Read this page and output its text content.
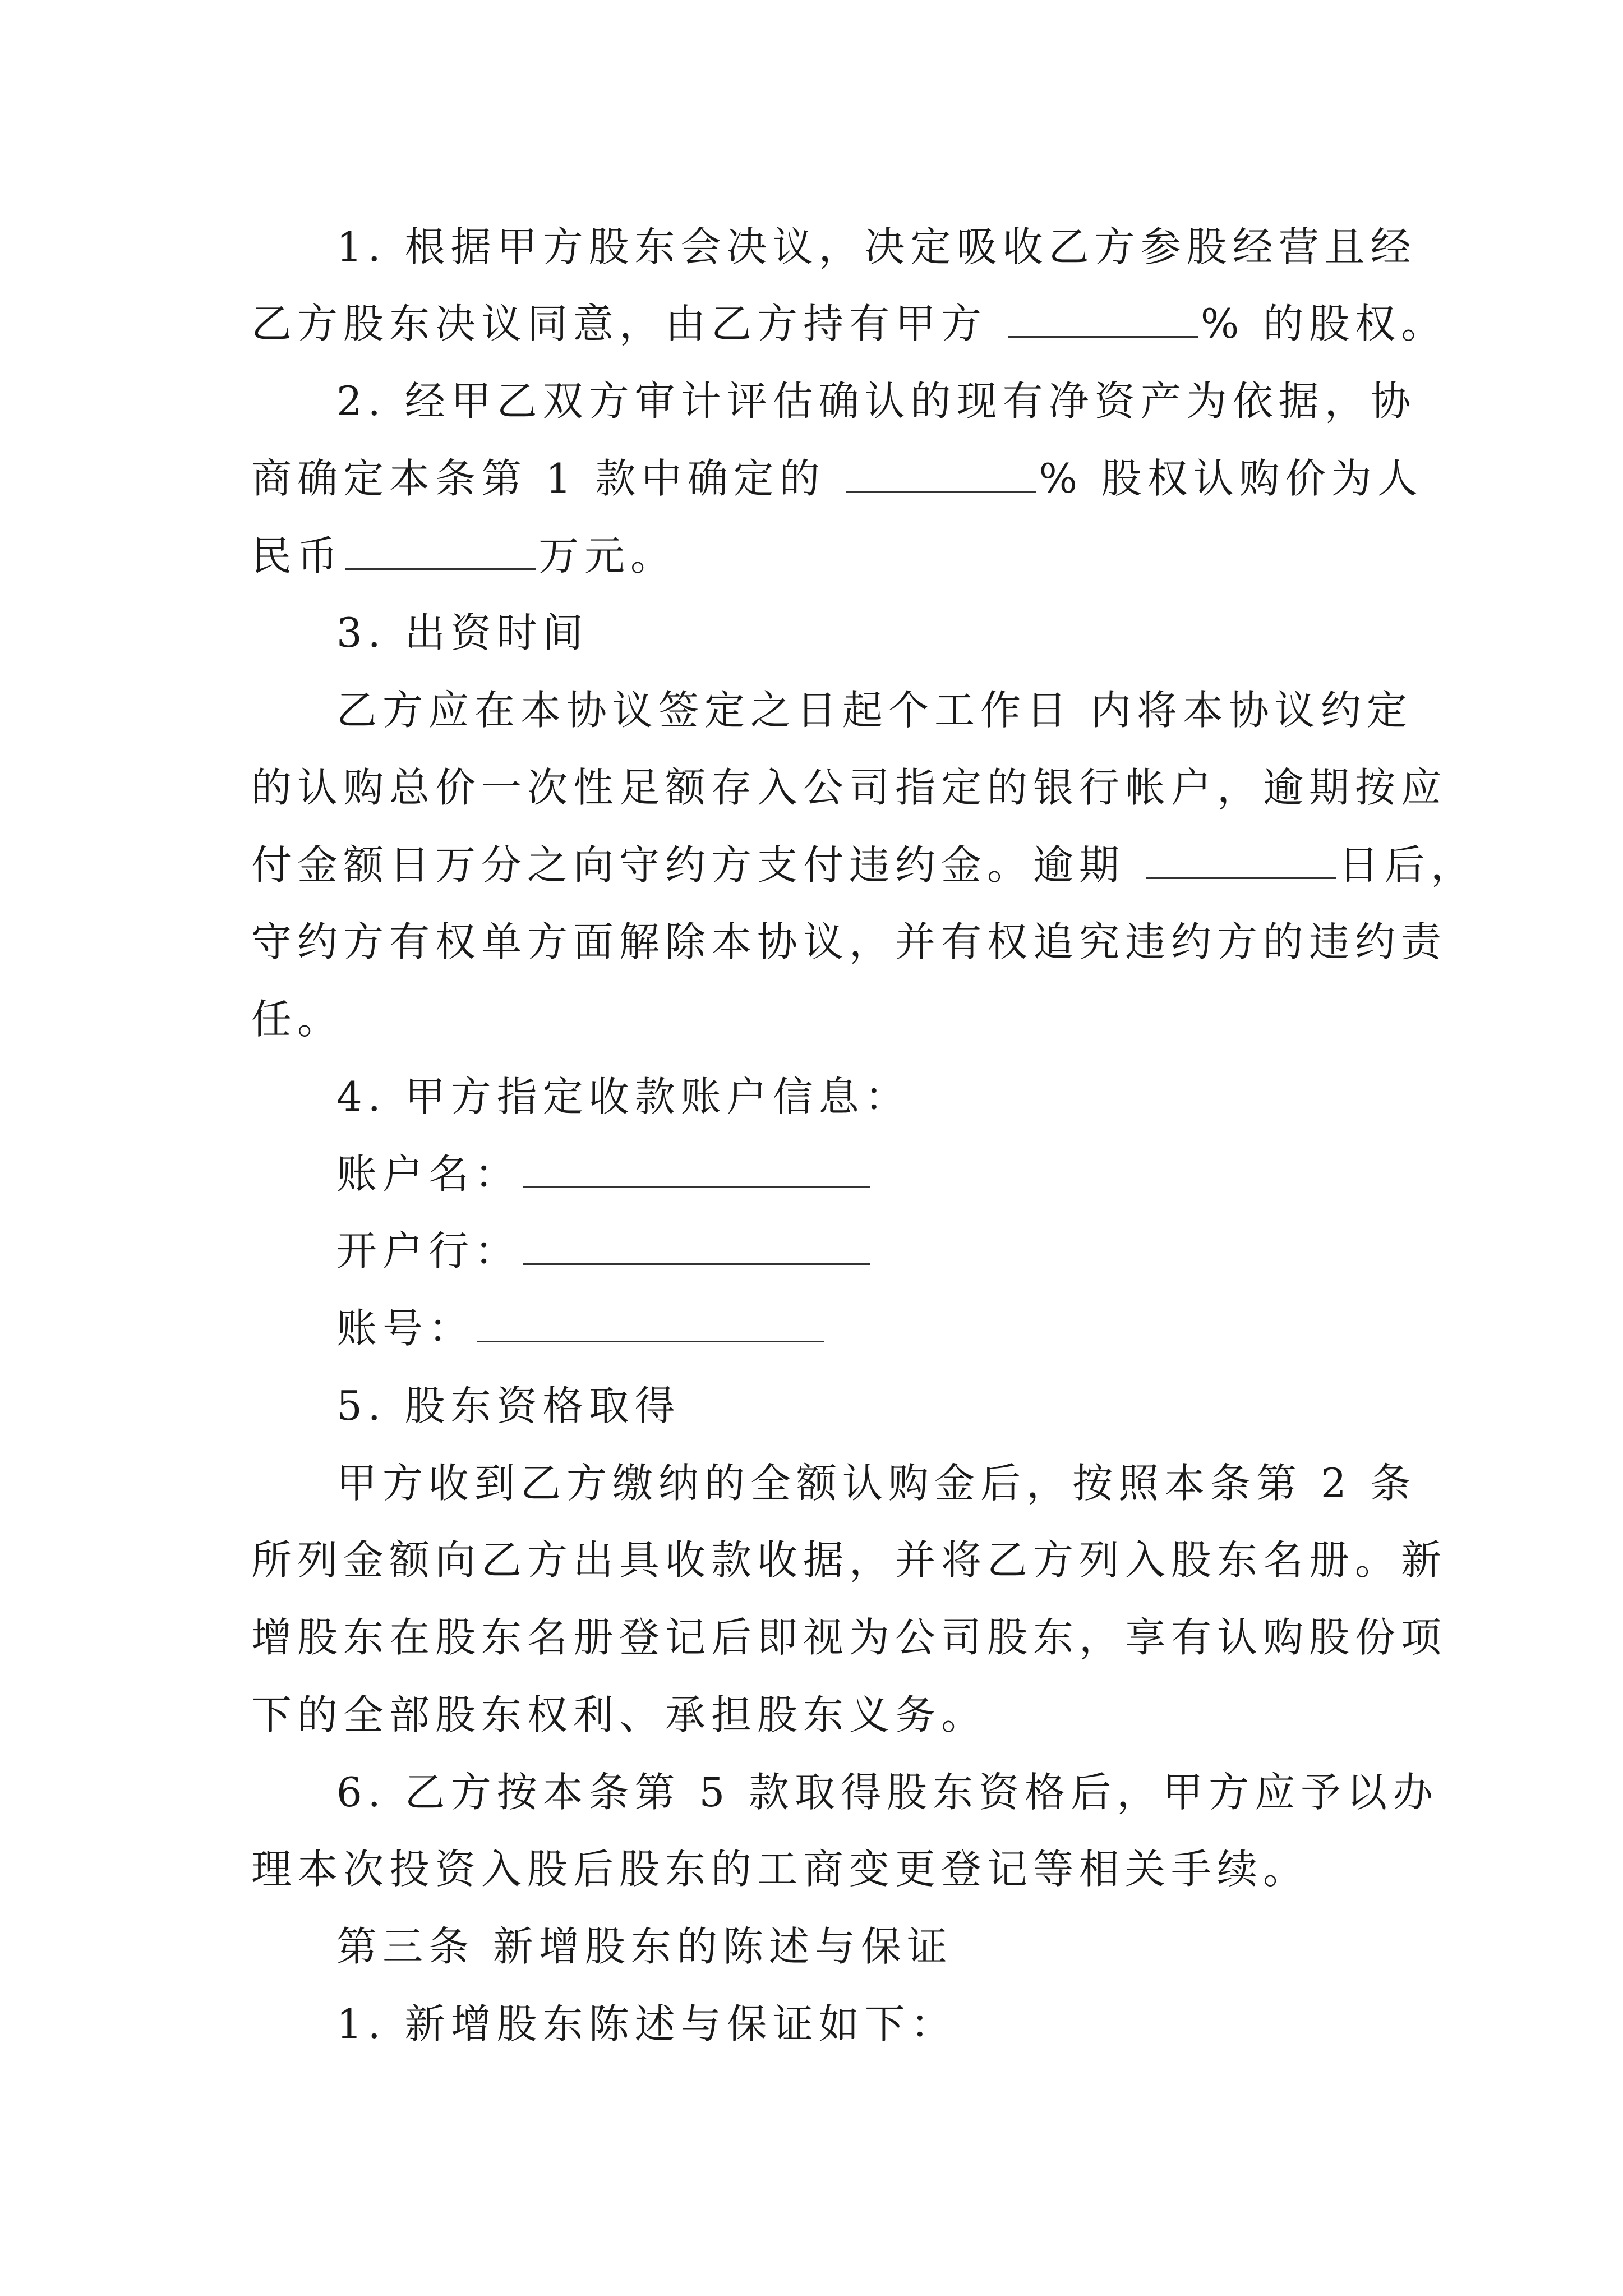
1. 根据甲方股东会决议，决定吸收乙方参股经营且经

乙方股东决议同意，由乙方持有甲方	% 的股权。

2. 经甲乙双方审计评估确认的现有净资产为依据，协

商确定本条第 1 款中确定的	% 股权认购价为人

民币	万元。

3. 出资时间

乙方应在本协议签定之日起个工作日 内将本协议约定

的认购总价一次性足额存入公司指定的银行帐户，逾期按应

付金额日万分之向守约方支付违约金。逾期	日后，

守约方有权单方面解除本协议，并有权追究违约方的违约责

任。

4. 甲方指定收款账户信息：

账户名：

开户行：

账号：

5. 股东资格取得

甲方收到乙方缴纳的全额认购金后，按照本条第 2 条

所列金额向乙方出具收款收据，并将乙方列入股东名册。新

增股东在股东名册登记后即视为公司股东，享有认购股份项

下的全部股东权利、承担股东义务。

6. 乙方按本条第 5 款取得股东资格后，甲方应予以办

理本次投资入股后股东的工商变更登记等相关手续。

第三条 新增股东的陈述与保证

1. 新增股东陈述与保证如下：
